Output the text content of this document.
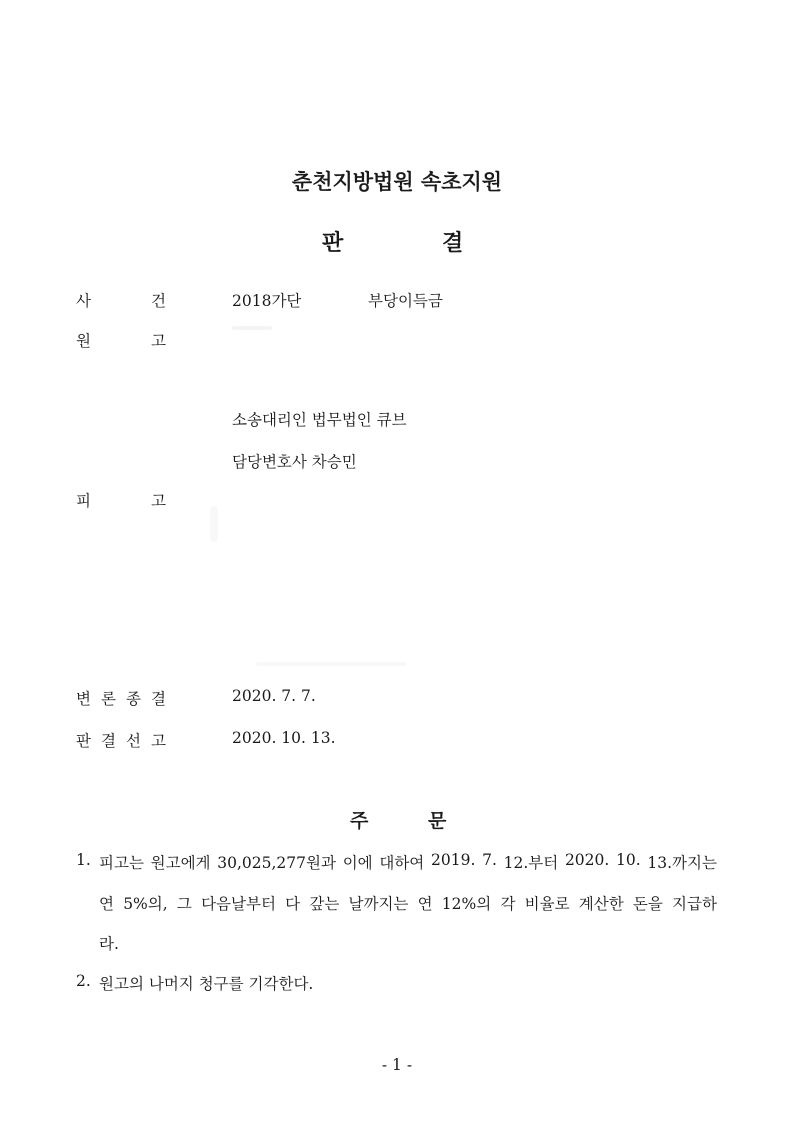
춘천지방법원 속초지원
판	결
사	건	2018가단	부당이득금
원	고
소송대리인 법무법인 큐브
담당변호사 차승민
피	고
변 론 종 결	2020. 7. 7.
판 결 선 고	2020. 10. 13.
주	문
1. 피고는 원고에게 30,025,277원과 이에 대하여 2019. 7. 12.부터 2020. 10. 13.까지는
연 5%의, 그 다음날부터 다 갚는 날까지는 연 12%의 각 비율로 계산한 돈을 지급하
라.
2. 원고의 나머지 청구를 기각한다.
- 1 -
